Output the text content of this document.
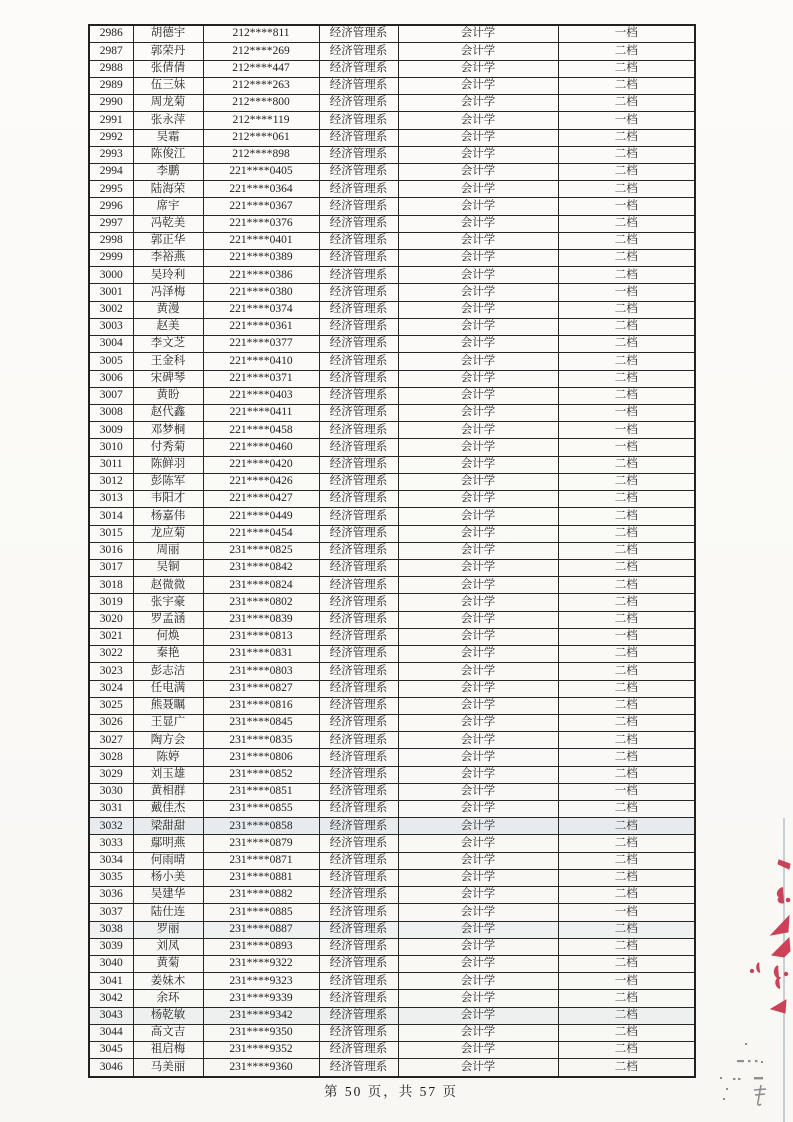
2986	胡德宇	212****811	经济管理系	会计学	一档
2987	郭荣丹	212****269	经济管理系	会计学	二档
2988	张倩倩	212****447	经济管理系	会计学	二档
2989	伍三妹	212****263	经济管理系	会计学	二档
2990	周龙菊	212****800	经济管理系	会计学	二档
2991	张永萍	212****119	经济管理系	会计学	一档
2992	吴霜	212****061	经济管理系	会计学	二档
2993	陈俊江	212****898	经济管理系	会计学	二档
2994	李鹏	221****0405	经济管理系	会计学	二档
2995	陆海荣	221****0364	经济管理系	会计学	二档
2996	席宇	221****0367	经济管理系	会计学	一档
2997	冯乾美	221****0376	经济管理系	会计学	二档
2998	郭正华	221****0401	经济管理系	会计学	二档
2999	李裕燕	221****0389	经济管理系	会计学	二档
3000	吴玲利	221****0386	经济管理系	会计学	二档
3001	冯泽梅	221****0380	经济管理系	会计学	一档
3002	黄漫	221****0374	经济管理系	会计学	二档
3003	赵美	221****0361	经济管理系	会计学	二档
3004	李文芝	221****0377	经济管理系	会计学	二档
3005	王金科	221****0410	经济管理系	会计学	二档
3006	宋碑琴	221****0371	经济管理系	会计学	二档
3007	黄盼	221****0403	经济管理系	会计学	二档
3008	赵代鑫	221****0411	经济管理系	会计学	一档
3009	邓梦桐	221****0458	经济管理系	会计学	一档
3010	付秀菊	221****0460	经济管理系	会计学	一档
3011	陈鲜羽	221****0420	经济管理系	会计学	二档
3012	彭陈军	221****0426	经济管理系	会计学	二档
3013	韦阳才	221****0427	经济管理系	会计学	二档
3014	杨嘉伟	221****0449	经济管理系	会计学	二档
3015	龙应菊	221****0454	经济管理系	会计学	二档
3016	周丽	231****0825	经济管理系	会计学	二档
3017	吴铜	231****0842	经济管理系	会计学	二档
3018	赵微微	231****0824	经济管理系	会计学	二档
3019	张宇豪	231****0802	经济管理系	会计学	二档
3020	罗孟涵	231****0839	经济管理系	会计学	二档
3021	何焕	231****0813	经济管理系	会计学	一档
3022	秦艳	231****0831	经济管理系	会计学	二档
3023	彭志洁	231****0803	经济管理系	会计学	二档
3024	任电满	231****0827	经济管理系	会计学	二档
3025	熊聂瞩	231****0816	经济管理系	会计学	二档
3026	王显广	231****0845	经济管理系	会计学	二档
3027	陶方会	231****0835	经济管理系	会计学	二档
3028	陈婷	231****0806	经济管理系	会计学	二档
3029	刘玉雄	231****0852	经济管理系	会计学	二档
3030	黄相群	231****0851	经济管理系	会计学	一档
3031	戴佳杰	231****0855	经济管理系	会计学	二档
3032	梁甜甜	231****0858	经济管理系	会计学	二档
3033	鄢明燕	231****0879	经济管理系	会计学	二档
3034	何雨晴	231****0871	经济管理系	会计学	二档
3035	杨小美	231****0881	经济管理系	会计学	二档
3036	吴建华	231****0882	经济管理系	会计学	二档
3037	陆仕连	231****0885	经济管理系	会计学	一档
3038	罗丽	231****0887	经济管理系	会计学	二档
3039	刘凤	231****0893	经济管理系	会计学	二档
3040	黄菊	231****9322	经济管理系	会计学	二档
3041	姜妹木	231****9323	经济管理系	会计学	一档
3042	余环	231****9339	经济管理系	会计学	二档
3043	杨乾敏	231****9342	经济管理系	会计学	二档
3044	高文吉	231****9350	经济管理系	会计学	二档
3045	祖启梅	231****9352	经济管理系	会计学	二档
3046	马美丽	231****9360	经济管理系	会计学	二档
第 50 页，共 57 页
